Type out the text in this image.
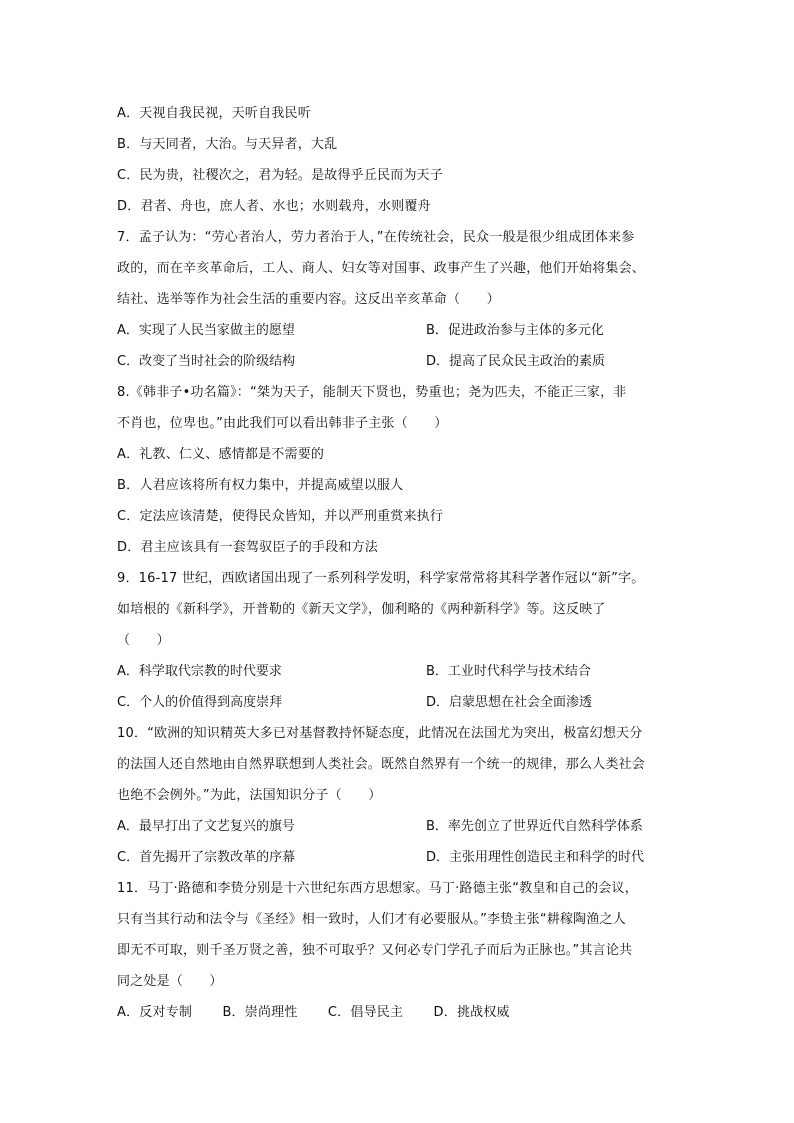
A．天视自我民视，天听自我民听
B．与天同者，大治。与天异者，大乱
C．民为贵，社稷次之，君为轻。是故得乎丘民而为天子
D．君者、舟也，庶人者、水也；水则载舟，水则覆舟
7．孟子认为：“劳心者治人，劳力者治于人，”在传统社会，民众一般是很少组成团体来参
政的，而在辛亥革命后，工人、商人、妇女等对国事、政事产生了兴趣，他们开始将集会、
结社、选举等作为社会生活的重要内容。这反出辛亥革命（　　）
A．实现了人民当家做主的愿望	B．促进政治参与主体的多元化
C．改变了当时社会的阶级结构	D．提高了民众民主政治的素质
8.《韩非子•功名篇》：“桀为天子，能制天下贤也，势重也；尧为匹夫，不能正三家，非
不肖也，位卑也。”由此我们可以看出韩非子主张（　　）
A．礼教、仁义、感情都是不需要的
B．人君应该将所有权力集中，并提高威望以服人
C．定法应该清楚，使得民众皆知，并以严刑重赏来执行
D．君主应该具有一套驾驭臣子的手段和方法
9．16-17 世纪，西欧诸国出现了一系列科学发明，科学家常常将其科学著作冠以“新”字。
如培根的《新科学》，开普勒的《新天文学》，伽利略的《两种新科学》等。这反映了
（　　）
A．科学取代宗教的时代要求	B．工业时代科学与技术结合
C．个人的价值得到高度崇拜	D．启蒙思想在社会全面渗透
10．“欧洲的知识精英大多已对基督教持怀疑态度，此情况在法国尤为突出，极富幻想天分
的法国人还自然地由自然界联想到人类社会。既然自然界有一个统一的规律，那么人类社会
也绝不会例外。”为此，法国知识分子（　　）
A．最早打出了文艺复兴的旗号	B．率先创立了世界近代自然科学体系
C．首先揭开了宗教改革的序幕	D．主张用理性创造民主和科学的时代
11．马丁·路德和李贽分别是十六世纪东西方思想家。马丁·路德主张“教皇和自己的会议，
只有当其行动和法令与《圣经》相一致时，人们才有必要服从。”李贽主张“耕稼陶渔之人
即无不可取，则千圣万贤之善，独不可取乎？又何必专门学孔子而后为正脉也。”其言论共
同之处是（　　）
A．反对专制 B．崇尚理性 C．倡导民主 D．挑战权威
